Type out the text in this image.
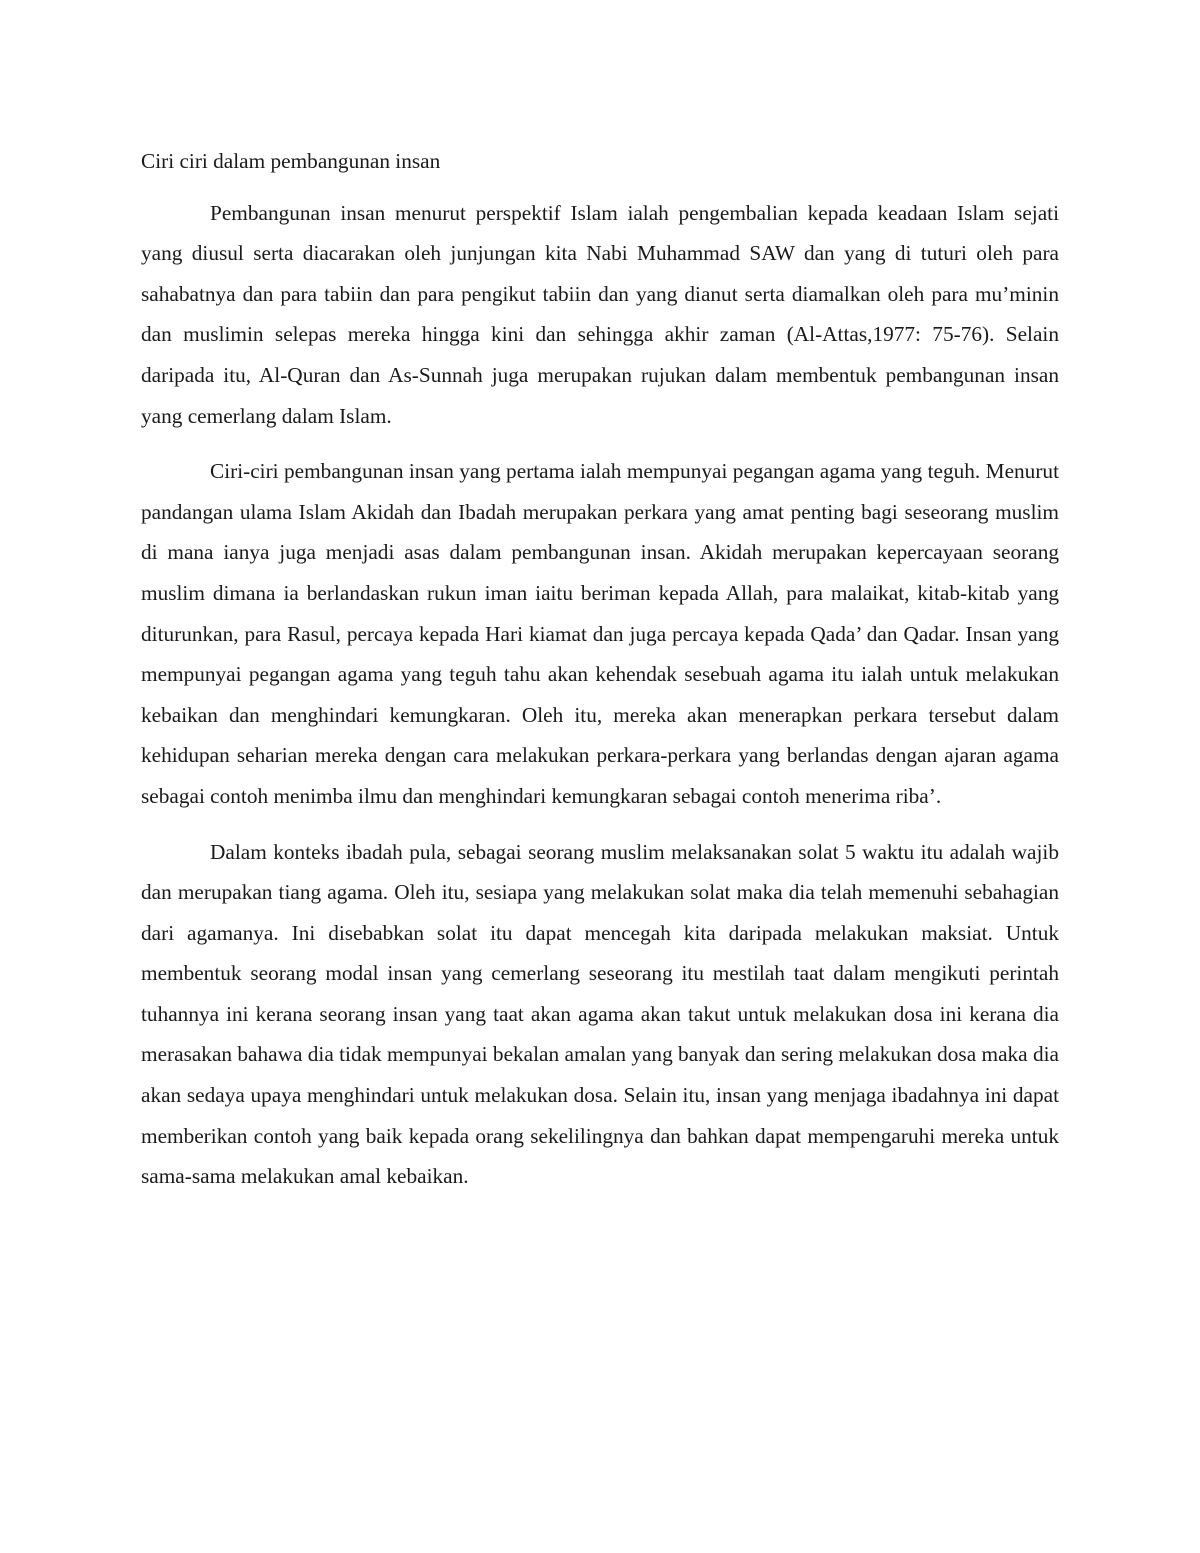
Ciri ciri dalam pembangunan insan

Pembangunan insan menurut perspektif Islam ialah pengembalian kepada keadaan Islam sejati yang diusul serta diacarakan oleh junjungan kita Nabi Muhammad SAW dan yang di tuturi oleh para sahabatnya dan para tabiin dan para pengikut tabiin dan yang dianut serta diamalkan oleh para mu’minin dan muslimin selepas mereka hingga kini dan sehingga akhir zaman (Al-Attas,1977: 75-76). Selain daripada itu, Al-Quran dan As-Sunnah juga merupakan rujukan dalam membentuk pembangunan insan yang cemerlang dalam Islam.

Ciri-ciri pembangunan insan yang pertama ialah mempunyai pegangan agama yang teguh. Menurut pandangan ulama Islam Akidah dan Ibadah merupakan perkara yang amat penting bagi seseorang muslim di mana ianya juga menjadi asas dalam pembangunan insan. Akidah merupakan kepercayaan seorang muslim dimana ia berlandaskan rukun iman iaitu beriman kepada Allah, para malaikat, kitab-kitab yang diturunkan, para Rasul, percaya kepada Hari kiamat dan juga percaya kepada Qada’ dan Qadar. Insan yang mempunyai pegangan agama yang teguh tahu akan kehendak sesebuah agama itu ialah untuk melakukan kebaikan dan menghindari kemungkaran. Oleh itu, mereka akan menerapkan perkara tersebut dalam kehidupan seharian mereka dengan cara melakukan perkara-perkara yang berlandas dengan ajaran agama sebagai contoh menimba ilmu dan menghindari kemungkaran sebagai contoh menerima riba’.

Dalam konteks ibadah pula, sebagai seorang muslim melaksanakan solat 5 waktu itu adalah wajib dan merupakan tiang agama. Oleh itu, sesiapa yang melakukan solat maka dia telah memenuhi sebahagian dari agamanya. Ini disebabkan solat itu dapat mencegah kita daripada melakukan maksiat. Untuk membentuk seorang modal insan yang cemerlang seseorang itu mestilah taat dalam mengikuti perintah tuhannya ini kerana seorang insan yang taat akan agama akan takut untuk melakukan dosa ini kerana dia merasakan bahawa dia tidak mempunyai bekalan amalan yang banyak dan sering melakukan dosa maka dia akan sedaya upaya menghindari untuk melakukan dosa. Selain itu, insan yang menjaga ibadahnya ini dapat memberikan contoh yang baik kepada orang sekelilingnya dan bahkan dapat mempengaruhi mereka untuk sama-sama melakukan amal kebaikan.
